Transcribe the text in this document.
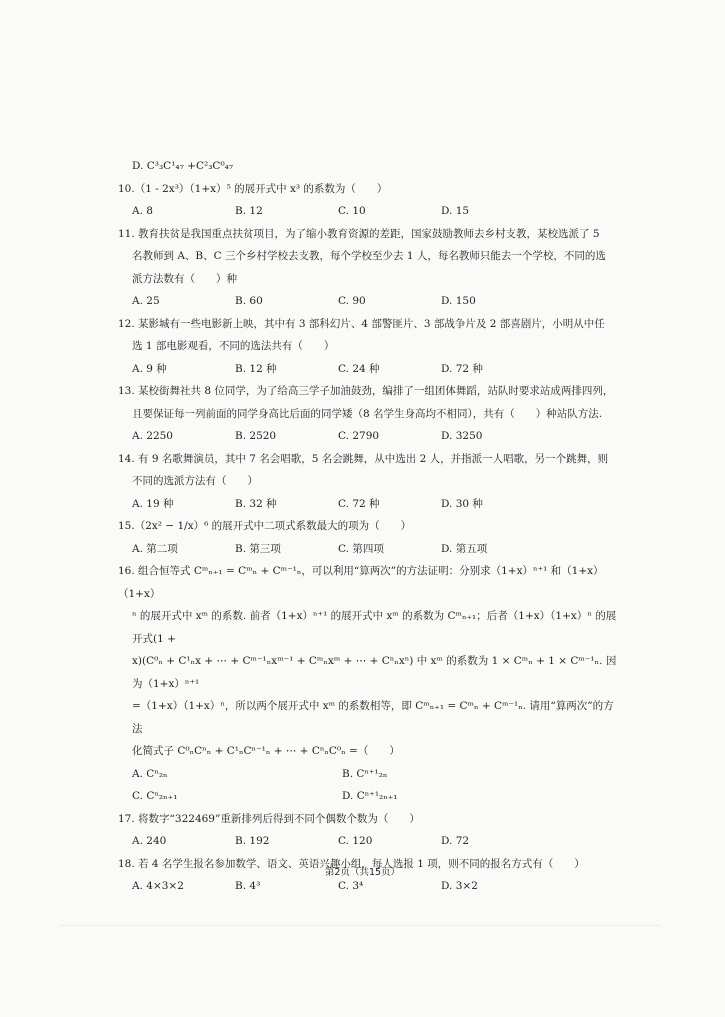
D. C³₃C¹₄₇ +C²₃C⁰₄₇
10.（1 - 2x³）（1+x）⁵ 的展开式中 x³ 的系数为（　　）
A. 8	B. 12	C. 10	D. 15
11. 教育扶贫是我国重点扶贫项目，为了缩小教育资源的差距，国家鼓励教师去乡村支教，某校选派了 5
名教师到 A、B、C 三个乡村学校去支教，每个学校至少去 1 人，每名教师只能去一个学校，不同的选
派方法数有（　　）种
A. 25	B. 60	C. 90	D. 150
12. 某影城有一些电影新上映，其中有 3 部科幻片、4 部警匪片、3 部战争片及 2 部喜剧片，小明从中任
选 1 部电影观看，不同的选法共有（　　）
A. 9 种	B. 12 种	C. 24 种	D. 72 种
13. 某校街舞社共 8 位同学，为了给高三学子加油鼓劲，编排了一组团体舞蹈，站队时要求站成两排四列，
且要保证每一列前面的同学身高比后面的同学矮（8 名学生身高均不相同），共有（　　）种站队方法.
A. 2250	B. 2520	C. 2790	D. 3250
14. 有 9 名歌舞演员，其中 7 名会唱歌，5 名会跳舞，从中选出 2 人，并指派一人唱歌，另一个跳舞，则
不同的选派方法有（　　）
A. 19 种	B. 32 种	C. 72 种	D. 30 种
15.（2x² − 1/x）⁶ 的展开式中二项式系数最大的项为（　　）
A. 第二项	B. 第三项	C. 第四项	D. 第五项
16. 组合恒等式 Cᵐₙ₊₁ = Cᵐₙ + Cᵐ⁻¹ₙ，可以利用“算两次”的方法证明：分别求（1+x）ⁿ⁺¹ 和（1+x）（1+x）
ⁿ 的展开式中 xᵐ 的系数. 前者（1+x）ⁿ⁺¹ 的展开式中 xᵐ 的系数为 Cᵐₙ₊₁；后者（1+x）（1+x）ⁿ 的展开式(1 +
x)(C⁰ₙ + C¹ₙx + ⋯ + Cᵐ⁻¹ₙxᵐ⁻¹ + Cᵐₙxᵐ + ⋯ + Cⁿₙxⁿ) 中 xᵐ 的系数为 1 × Cᵐₙ + 1 × Cᵐ⁻¹ₙ. 因为（1+x）ⁿ⁺¹
=（1+x）（1+x）ⁿ，所以两个展开式中 xᵐ 的系数相等，即 Cᵐₙ₊₁ = Cᵐₙ + Cᵐ⁻¹ₙ. 请用“算两次”的方法
化简式子 C⁰ₙCⁿₙ + C¹ₙCⁿ⁻¹ₙ + ⋯ + CⁿₙC⁰ₙ =（　　）
A. Cⁿ₂ₙ	B. Cⁿ⁺¹₂ₙ
C. Cⁿ₂ₙ₊₁	D. Cⁿ⁺¹₂ₙ₊₁
17. 将数字“322469”重新排列后得到不同个偶数个数为（　　）
A. 240	B. 192	C. 120	D. 72
18. 若 4 名学生报名参加数学、语文、英语兴趣小组，每人选报 1 项，则不同的报名方式有（　　）
A. 4×3×2	B. 4³	C. 3⁴	D. 3×2
第2页（共15页）
